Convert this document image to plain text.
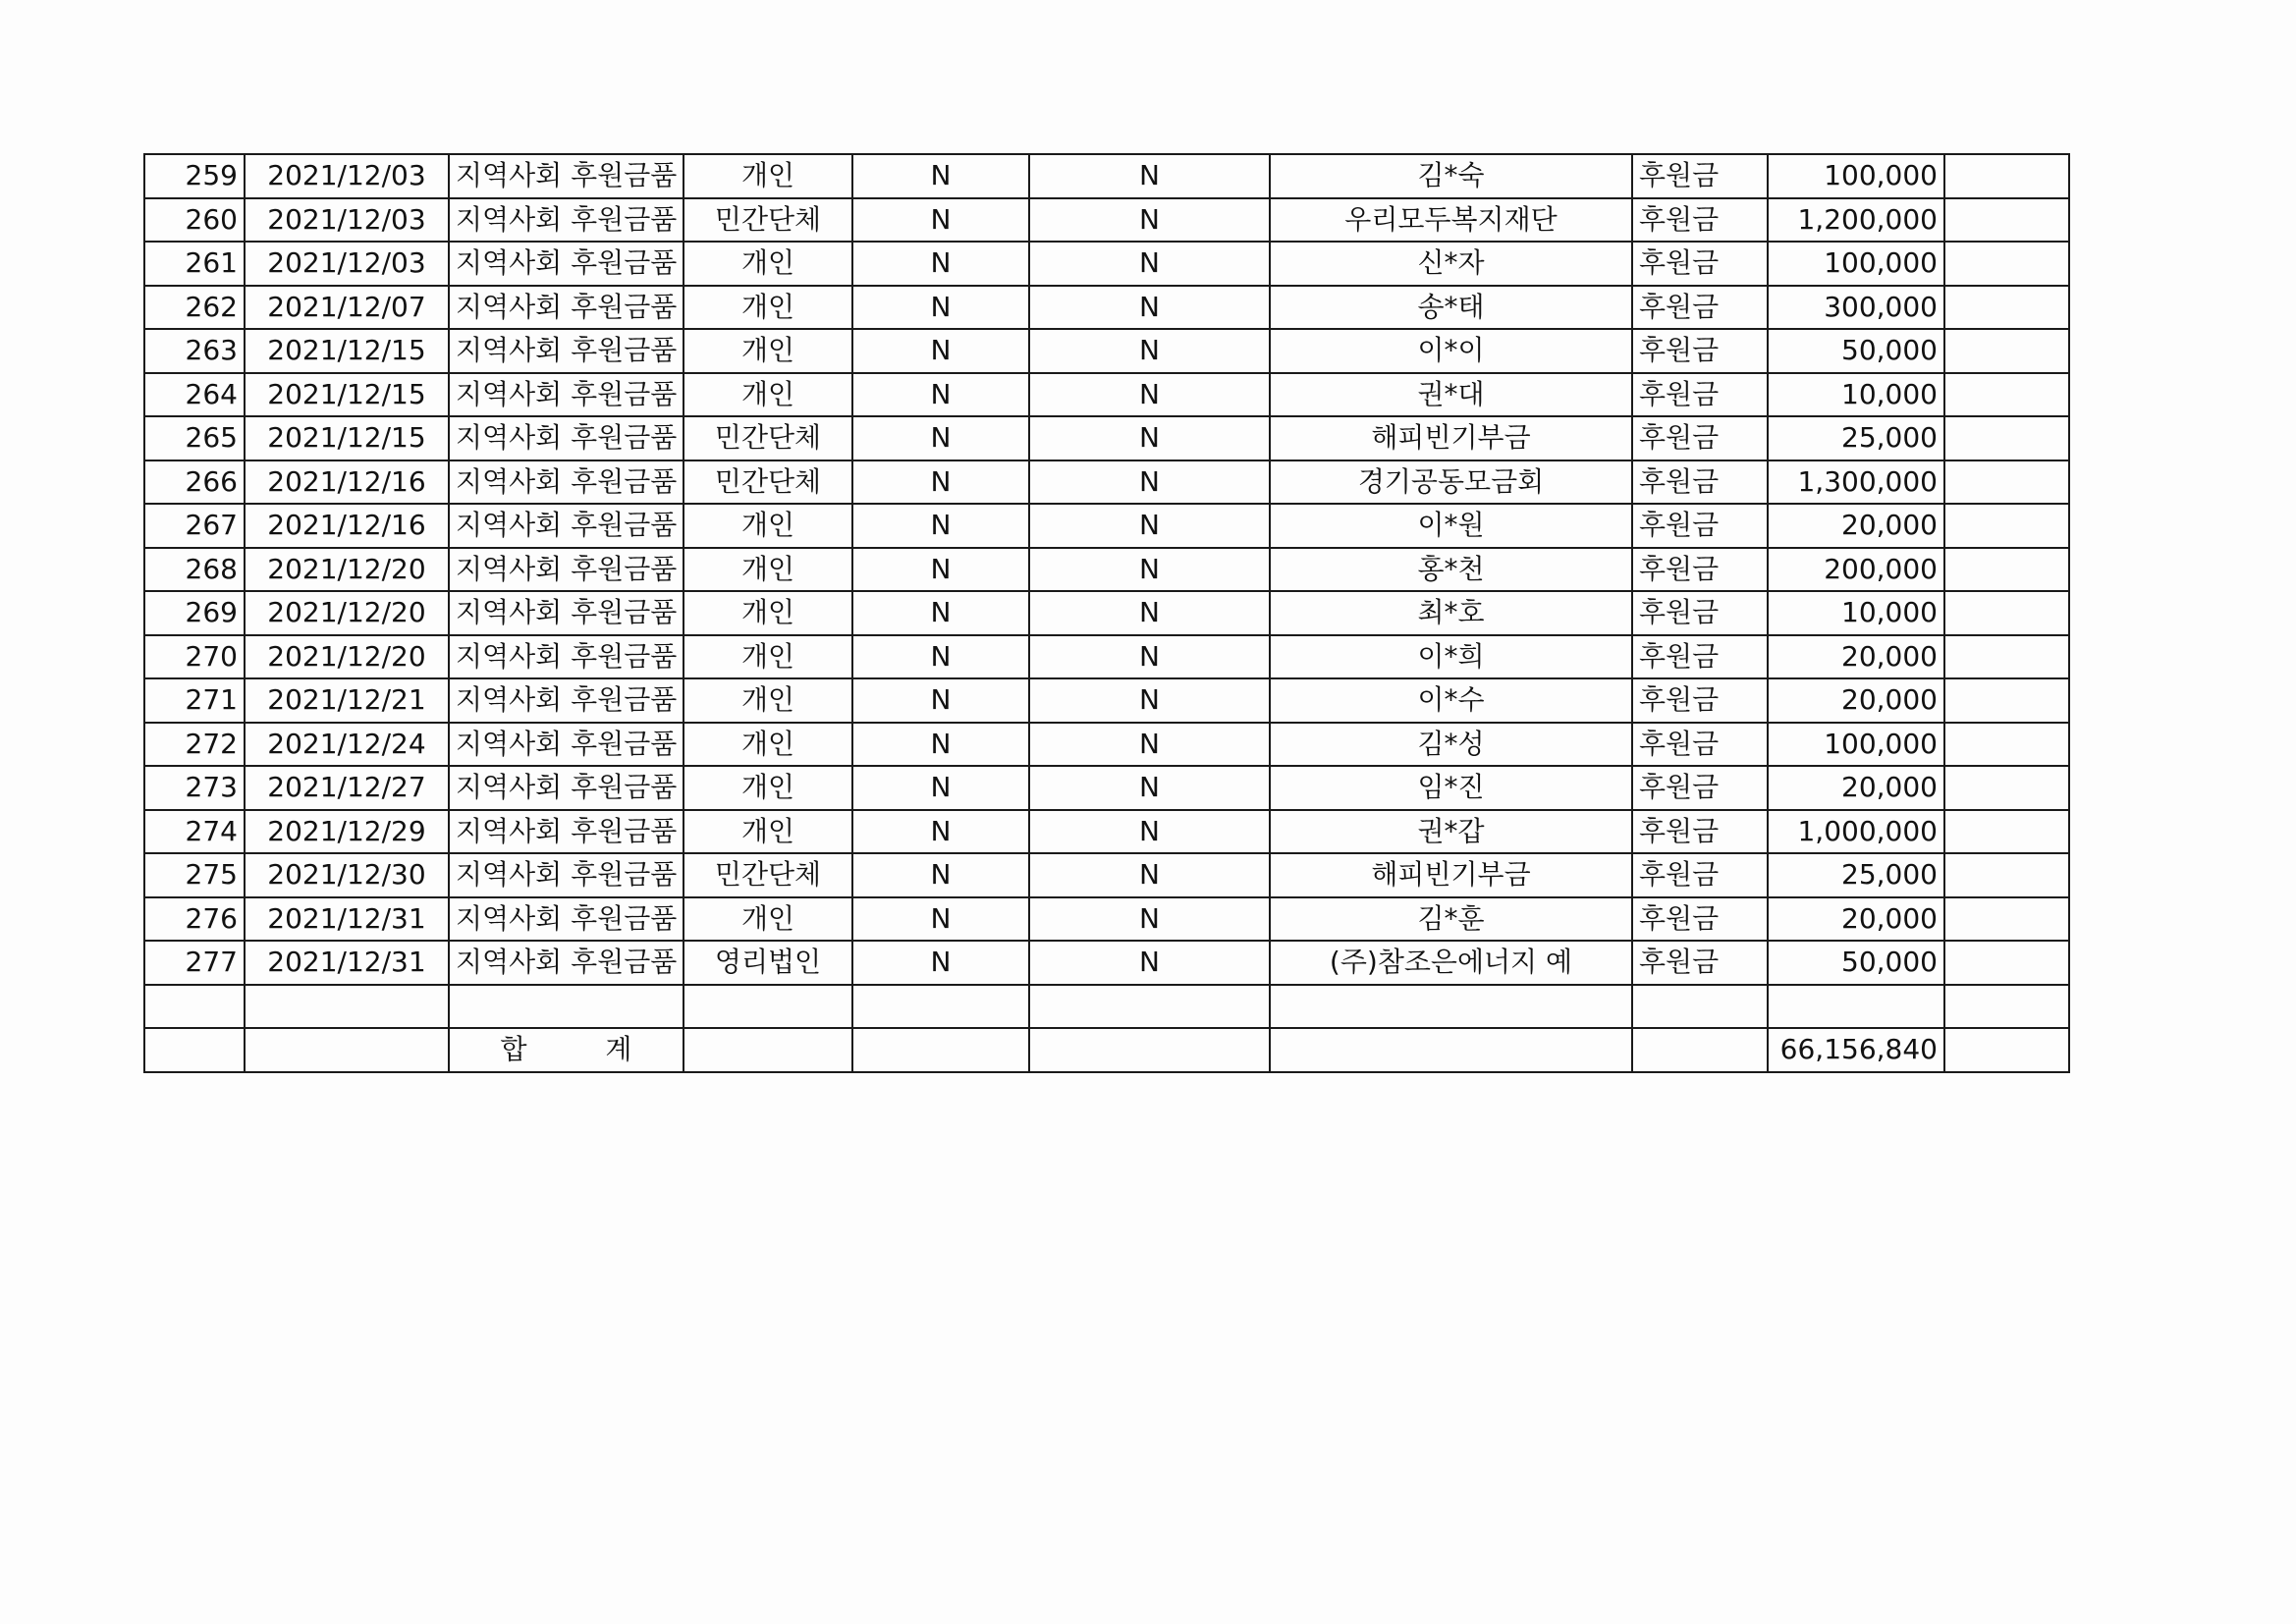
259	2021/12/03	지역사회 후원금품	개인	N	N	김*숙	후원금	100,000	
260	2021/12/03	지역사회 후원금품	민간단체	N	N	우리모두복지재단	후원금	1,200,000	
261	2021/12/03	지역사회 후원금품	개인	N	N	신*자	후원금	100,000	
262	2021/12/07	지역사회 후원금품	개인	N	N	송*태	후원금	300,000	
263	2021/12/15	지역사회 후원금품	개인	N	N	이*이	후원금	50,000	
264	2021/12/15	지역사회 후원금품	개인	N	N	권*대	후원금	10,000	
265	2021/12/15	지역사회 후원금품	민간단체	N	N	해피빈기부금	후원금	25,000	
266	2021/12/16	지역사회 후원금품	민간단체	N	N	경기공동모금회	후원금	1,300,000	
267	2021/12/16	지역사회 후원금품	개인	N	N	이*원	후원금	20,000	
268	2021/12/20	지역사회 후원금품	개인	N	N	홍*천	후원금	200,000	
269	2021/12/20	지역사회 후원금품	개인	N	N	최*호	후원금	10,000	
270	2021/12/20	지역사회 후원금품	개인	N	N	이*희	후원금	20,000	
271	2021/12/21	지역사회 후원금품	개인	N	N	이*수	후원금	20,000	
272	2021/12/24	지역사회 후원금품	개인	N	N	김*성	후원금	100,000	
273	2021/12/27	지역사회 후원금품	개인	N	N	임*진	후원금	20,000	
274	2021/12/29	지역사회 후원금품	개인	N	N	권*갑	후원금	1,000,000	
275	2021/12/30	지역사회 후원금품	민간단체	N	N	해피빈기부금	후원금	25,000	
276	2021/12/31	지역사회 후원금품	개인	N	N	김*훈	후원금	20,000	
277	2021/12/31	지역사회 후원금품	영리법인	N	N	(주)참조은에너지 예	후원금	50,000	

		합 계						66,156,840	
